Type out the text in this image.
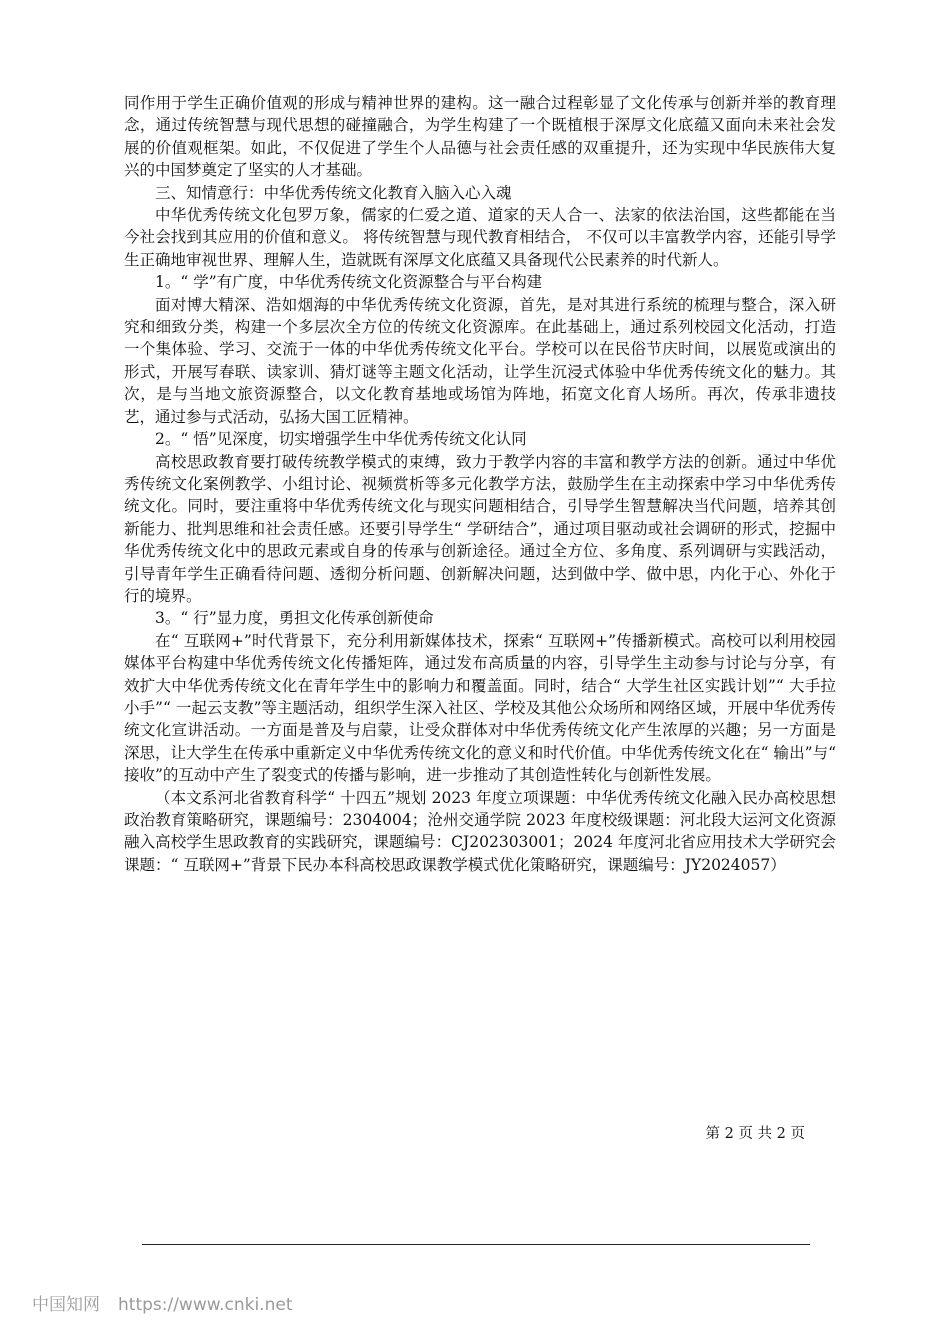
同作用于学生正确价值观的形成与精神世界的建构。这一融合过程彰显了文化传承与创新并举的教育理念，通过传统智慧与现代思想的碰撞融合，为学生构建了一个既植根于深厚文化底蕴又面向未来社会发展的价值观框架。如此，不仅促进了学生个人品德与社会责任感的双重提升，还为实现中华民族伟大复兴的中国梦奠定了坚实的人才基础。

三、知情意行：中华优秀传统文化教育入脑入心入魂

中华优秀传统文化包罗万象，儒家的仁爱之道、道家的天人合一、法家的依法治国，这些都能在当今社会找到其应用的价值和意义。 将传统智慧与现代教育相结合， 不仅可以丰富教学内容，还能引导学生正确地审视世界、理解人生，造就既有深厚文化底蕴又具备现代公民素养的时代新人。

1。“ 学”有广度，中华优秀传统文化资源整合与平台构建

面对博大精深、浩如烟海的中华优秀传统文化资源，首先，是对其进行系统的梳理与整合，深入研究和细致分类，构建一个多层次全方位的传统文化资源库。在此基础上，通过系列校园文化活动，打造一个集体验、学习、交流于一体的中华优秀传统文化平台。学校可以在民俗节庆时间，以展览或演出的形式，开展写春联、读家训、猜灯谜等主题文化活动，让学生沉浸式体验中华优秀传统文化的魅力。其次，是与当地文旅资源整合，以文化教育基地或场馆为阵地，拓宽文化育人场所。再次，传承非遗技艺，通过参与式活动，弘扬大国工匠精神。

2。“ 悟”见深度，切实增强学生中华优秀传统文化认同

高校思政教育要打破传统教学模式的束缚，致力于教学内容的丰富和教学方法的创新。通过中华优秀传统文化案例教学、小组讨论、视频赏析等多元化教学方法，鼓励学生在主动探索中学习中华优秀传统文化。同时，要注重将中华优秀传统文化与现实问题相结合，引导学生智慧解决当代问题，培养其创新能力、批判思维和社会责任感。还要引导学生“ 学研结合”，通过项目驱动或社会调研的形式，挖掘中华优秀传统文化中的思政元素或自身的传承与创新途径。通过全方位、多角度、系列调研与实践活动，引导青年学生正确看待问题、透彻分析问题、创新解决问题，达到做中学、做中思，内化于心、外化于行的境界。

3。“ 行”显力度，勇担文化传承创新使命

在“ 互联网+”时代背景下，充分利用新媒体技术，探索“ 互联网+”传播新模式。高校可以利用校园媒体平台构建中华优秀传统文化传播矩阵，通过发布高质量的内容，引导学生主动参与讨论与分享，有效扩大中华优秀传统文化在青年学生中的影响力和覆盖面。同时，结合“ 大学生社区实践计划”“ 大手拉小手”“ 一起云支教”等主题活动，组织学生深入社区、学校及其他公众场所和网络区域，开展中华优秀传统文化宣讲活动。一方面是普及与启蒙，让受众群体对中华优秀传统文化产生浓厚的兴趣；另一方面是深思，让大学生在传承中重新定义中华优秀传统文化的意义和时代价值。中华优秀传统文化在“ 输出”与“ 接收”的互动中产生了裂变式的传播与影响，进一步推动了其创造性转化与创新性发展。

（本文系河北省教育科学“ 十四五”规划 2023 年度立项课题：中华优秀传统文化融入民办高校思想政治教育策略研究，课题编号：2304004；沧州交通学院 2023 年度校级课题：河北段大运河文化资源融入高校学生思政教育的实践研究，课题编号：CJ202303001；2024 年度河北省应用技术大学研究会课题：“ 互联网+”背景下民办本科高校思政课教学模式优化策略研究，课题编号：JY2024057）

第 2 页 共 2 页
中国知网 https://www.cnki.net
